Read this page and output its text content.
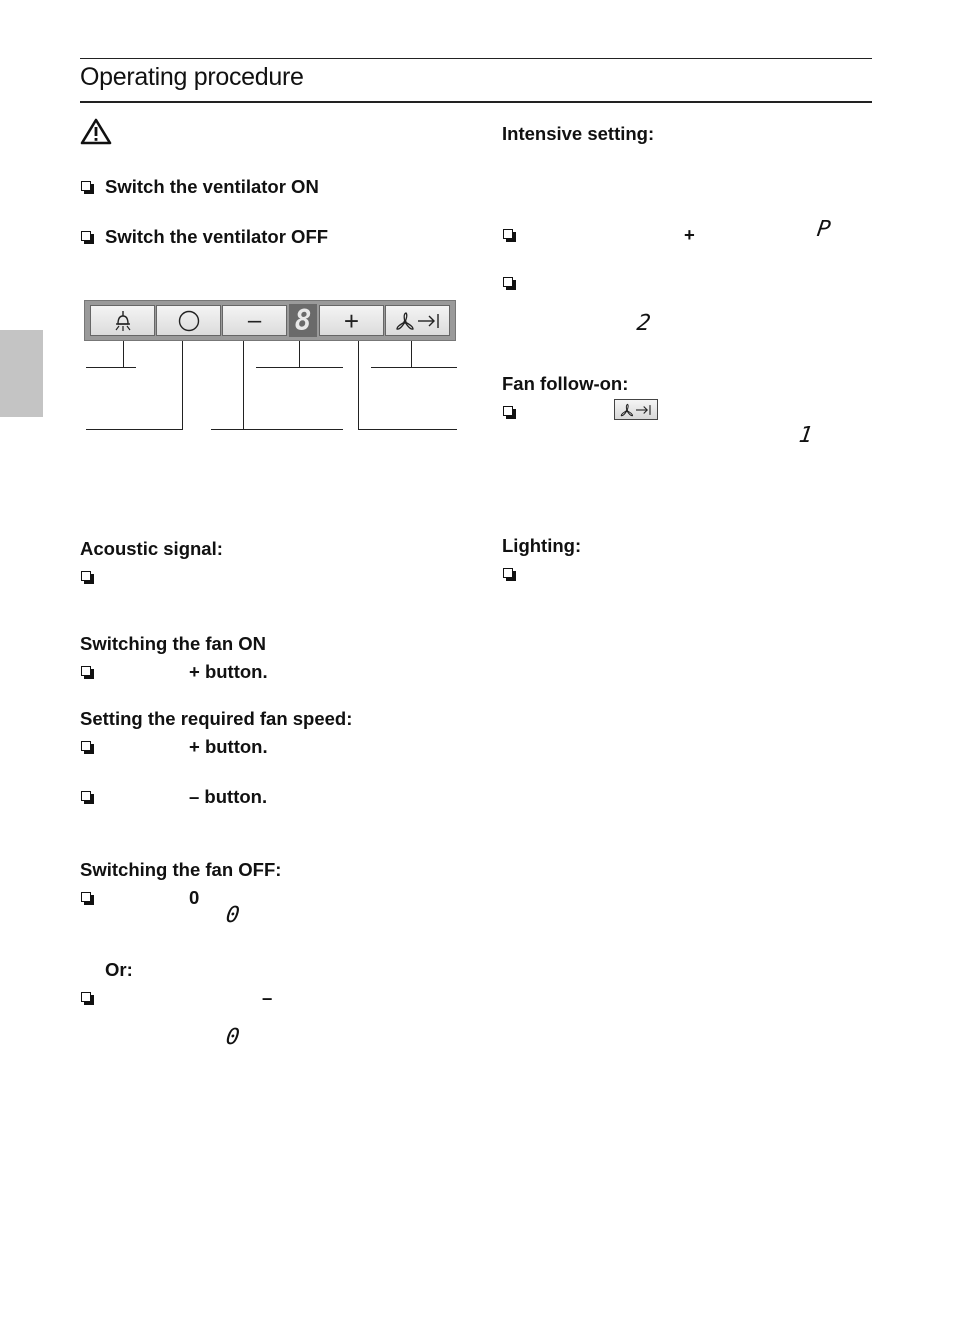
Operating procedure
Switch the ventilator ON
Switch the ventilator OFF
– 8 +
Acoustic signal:
Switching the fan ON
+ button.
Setting the required fan speed:
+ button.
– button.
Switching the fan OFF:
0
0
Or:
–
0
Intensive setting:
+	P
2
Fan follow-on:
1
Lighting:
